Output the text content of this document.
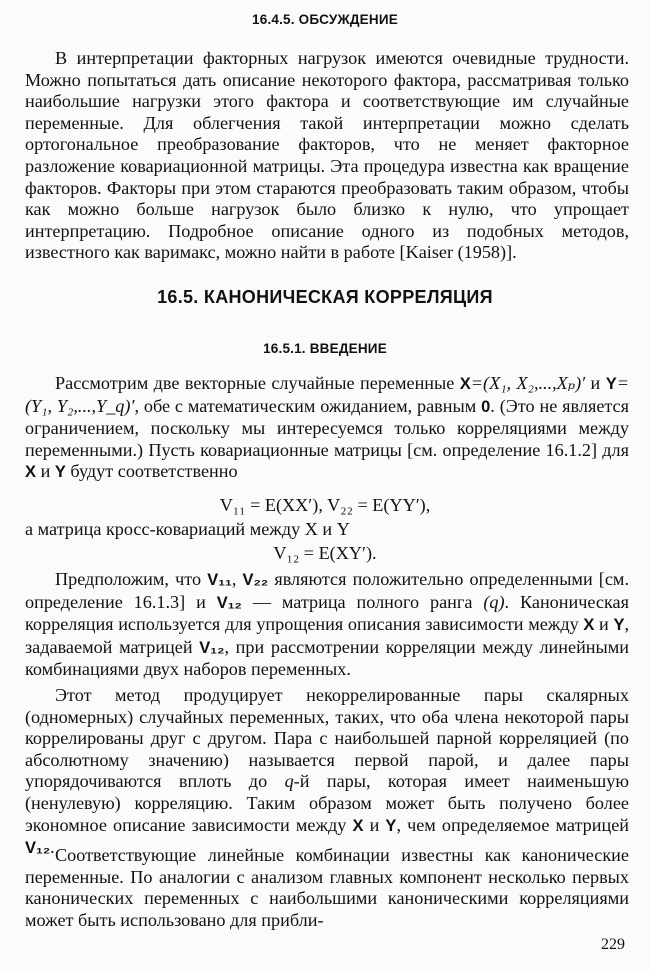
16.4.5. ОБСУЖДЕНИЕ

В интерпретации факторных нагрузок имеются очевидные трудности. Можно попытаться дать описание некоторого фактора, рассматривая только наибольшие нагрузки этого фактора и соответствующие им случайные переменные. Для облегчения такой интерпретации можно сделать ортогональное преобразование факторов, что не меняет факторное разложение ковариационной матрицы. Эта процедура известна как вращение факторов. Факторы при этом стараются преобразовать таким образом, чтобы как можно больше нагрузок было близко к нулю, что упрощает интерпретацию. Подробное описание одного из подобных методов, известного как варимакс, можно найти в работе [Kaiser (1958)].

16.5. КАНОНИЧЕСКАЯ КОРРЕЛЯЦИЯ
16.5.1. ВВЕДЕНИЕ

Рассмотрим две векторные случайные переменные X=(X₁, X₂,...,Xₚ)′ и Y=(Y₁, Y₂,...,Y_q)′, обе с математическим ожиданием, равным 0. (Это не является ограничением, поскольку мы интересуемся только корреляциями между переменными.) Пусть ковариационные матрицы [см. определение 16.1.2] для X и Y будут соответственно

V₁₁ = E(XX′), V₂₂ = E(YY′),

а матрица кросс-ковариаций между X и Y

V₁₂ = E(XY′).

Предположим, что V₁₁, V₂₂ являются положительно определенными [см. определение 16.1.3] и V₁₂ — матрица полного ранга (q). Каноническая корреляция используется для упрощения описания зависимости между X и Y, задаваемой матрицей V₁₂, при рассмотрении корреляции между линейными комбинациями двух наборов переменных.

Этот метод продуцирует некоррелированные пары скалярных (одномерных) случайных переменных, таких, что оба члена некоторой пары коррелированы друг с другом. Пара с наибольшей парной корреляцией (по абсолютному значению) называется первой парой, и далее пары упорядочиваются вплоть до q-й пары, которая имеет наименьшую (ненулевую) корреляцию. Таким образом может быть получено более экономное описание зависимости между X и Y, чем определяемое матрицей V₁₂. Соответствующие линейные комбинации известны как канонические переменные. По аналогии с анализом главных компонент несколько первых канонических переменных с наибольшими каноническими корреляциями может быть использовано для прибли-

229
